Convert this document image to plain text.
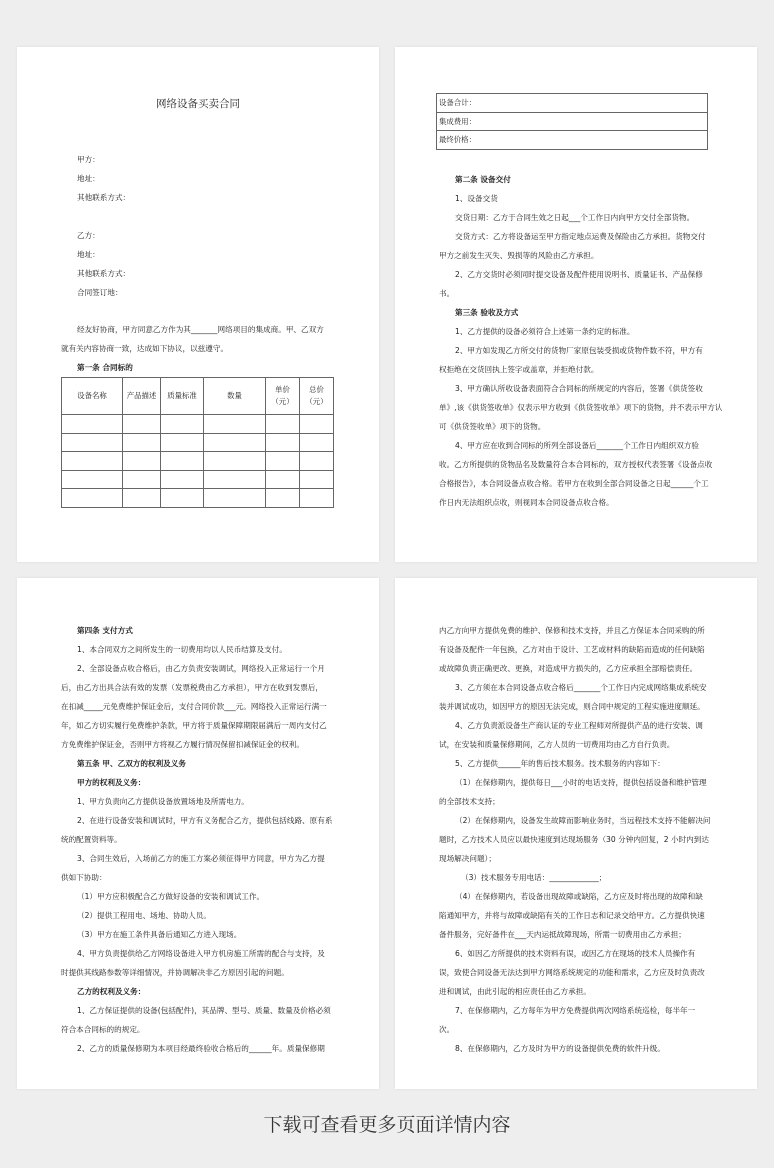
网络设备买卖合同
甲方：
地址：
其他联系方式：
乙方：
地址：
其他联系方式：
合同签订地：
经友好协商，甲方同意乙方作为其_______网络项目的集成商。甲、乙双方
就有关内容协商一致，达成如下协议，以兹遵守。
第一条 合同标的
设备名称	产品描述	质量标准	数量	单价（元）	总价（元）

设备合计：
集成费用：
最终价格：
第二条 设备交付
1、设备交货
交货日期：乙方于合同生效之日起___个工作日内向甲方交付全部货物。
交货方式：乙方将设备运至甲方指定地点运费及保险由乙方承担。货物交付
甲方之前发生灭失、毁损等的风险由乙方承担。
2、乙方交货时必须同时提交设备及配件使用说明书、质量证书、产品保修
书。
第三条 验收及方式
1、乙方提供的设备必须符合上述第一条约定的标准。
2、甲方如发现乙方所交付的货物厂家原包装受损或货物件数不符，甲方有
权拒绝在交货回执上签字或盖章，并拒绝付款。
3、甲方确认所收设备表面符合合同标的所规定的内容后，签署《供货签收
单》,该《供货签收单》仅表示甲方收到《供货签收单》项下的货物，并不表示甲方认
可《供货签收单》项下的货物。
4、甲方应在收到合同标的所列全部设备后_______个工作日内组织双方验
收。乙方所提供的货物品名及数量符合本合同标的，双方授权代表签署《设备点收
合格报告》，本合同设备点收合格。若甲方在收到全部合同设备之日起______个工
作日内无法组织点收，则视同本合同设备点收合格。
第四条 支付方式
1、本合同双方之间所发生的一切费用均以人民币结算及支付。
2、全部设备点收合格后，由乙方负责安装调试，网络投入正常运行一个月
后，由乙方出具合法有效的发票（发票税费由乙方承担），甲方在收到发票后，
在扣减_____元免费维护保证金后，支付合同价款___元。网络投入正常运行满一
年，如乙方切实履行免费维护条款，甲方将于质量保障期限届满后一周内支付乙
方免费维护保证金，否则甲方将视乙方履行情况保留扣减保证金的权利。
第五条 甲、乙双方的权利及义务
甲方的权利及义务：
1、甲方负责向乙方提供设备放置场地及所需电力。
2、在进行设备安装和调试时，甲方有义务配合乙方，提供包括线路、原有系
统的配置资料等。
3、合同生效后，入场前乙方的施工方案必须征得甲方同意，甲方为乙方提
供如下协助：
（1）甲方应积极配合乙方做好设备的安装和调试工作。
（2）提供工程用电、场地、协助人员。
（3）甲方在施工条件具备后通知乙方进入现场。
4、甲方负责提供给乙方网络设备进入甲方机房施工所需的配合与支持，及
时提供其线路参数等详细情况，并协调解决非乙方原因引起的问题。
乙方的权利及义务：
1、乙方保证提供的设备(包括配件)，其品牌、型号、质量、数量及价格必须
符合本合同标的的规定。
2、乙方的质量保修期为本项目经最终验收合格后的______年。质量保修期
内乙方向甲方提供免费的维护、保修和技术支持，并且乙方保证本合同采购的所
有设备及配件一年包换，乙方对由于设计、工艺或材料的缺陷而造成的任何缺陷
或故障负责正确更改、更换，对造成甲方损失的，乙方应承担全部赔偿责任。
3、乙方须在本合同设备点收合格后_______个工作日内完成网络集成系统安
装并调试成功，如因甲方的原因无法完成，则合同中规定的工程实施进度顺延。
4、乙方负责派设备生产商认证的专业工程师对所提供产品的进行安装、调
试，在安装和质量保修期间，乙方人员的一切费用均由乙方自行负责。
5、乙方提供______年的售后技术服务。技术服务的内容如下：
（1）在保修期内，提供每日___小时的电话支持，提供包括设备和维护管理
的全部技术支持；
（2）在保修期内，设备发生故障而影响业务时，当远程技术支持不能解决问
题时，乙方技术人员应以最快速度到达现场服务（30 分钟内回复，2 小时内到达
现场解决问题）；
（3）技术服务专用电话：_____________；
（4）在保修期内，若设备出现故障或缺陷，乙方应及时将出现的故障和缺
陷通知甲方，并将与故障或缺陷有关的工作日志和记录交给甲方。乙方提供快速
备件服务，完好备件在___天内运抵故障现场，所需一切费用由乙方承担；
6、如因乙方所提供的技术资料有误，或因乙方在现场的技术人员操作有
误，致使合同设备无法达到甲方网络系统规定的功能和需求，乙方应及时负责改
进和调试，由此引起的相应责任由乙方承担。
7、在保修期内，乙方每年为甲方免费提供两次网络系统巡检，每半年一
次。
8、在保修期内，乙方及时为甲方的设备提供免费的软件升级。
下载可查看更多页面详情内容
